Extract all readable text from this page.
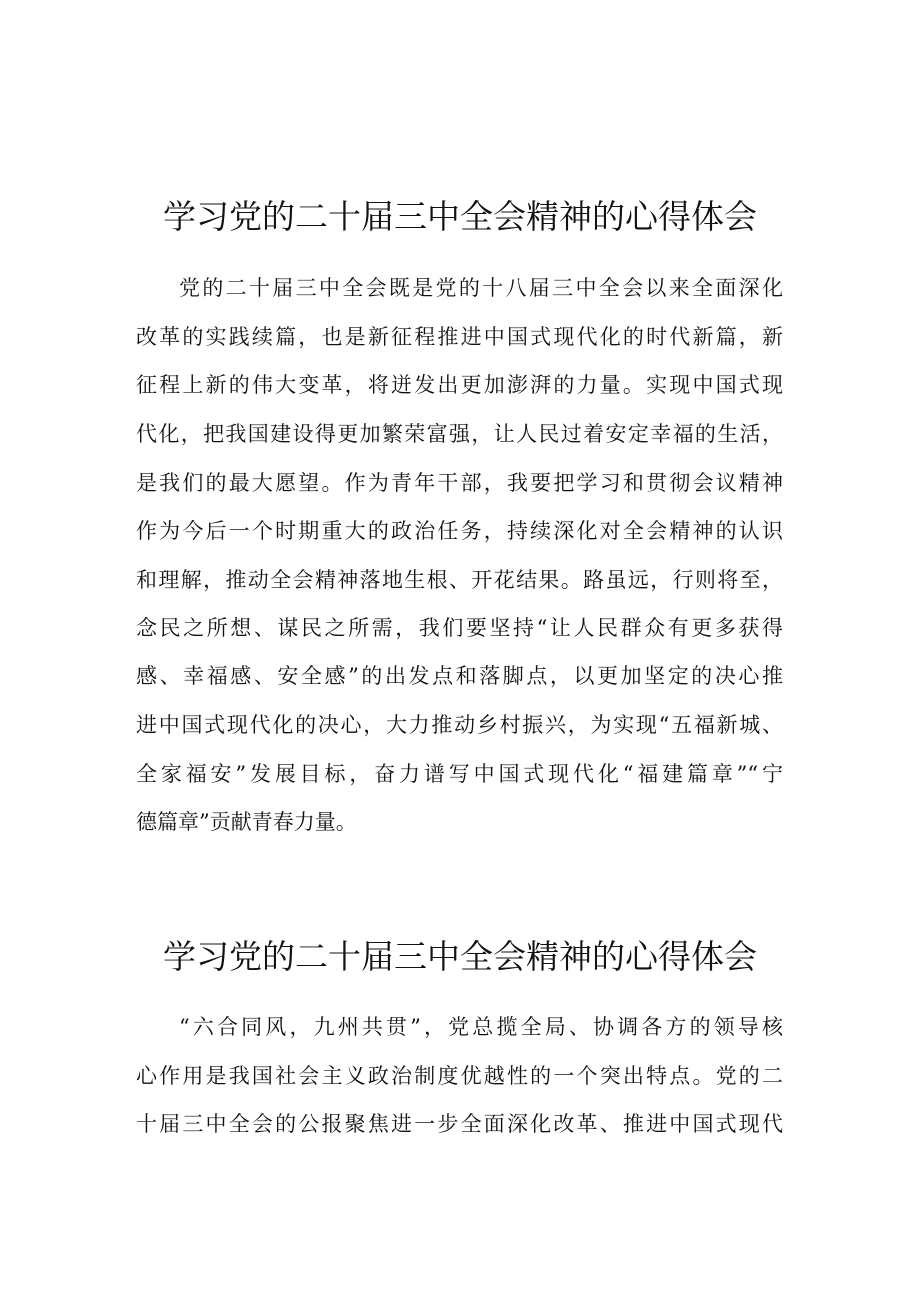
学习党的二十届三中全会精神的心得体会
党的二十届三中全会既是党的十八届三中全会以来全面深化
改革的实践续篇，也是新征程推进中国式现代化的时代新篇，新
征程上新的伟大变革，将迸发出更加澎湃的力量。实现中国式现
代化，把我国建设得更加繁荣富强，让人民过着安定幸福的生活，
是我们的最大愿望。作为青年干部，我要把学习和贯彻会议精神
作为今后一个时期重大的政治任务，持续深化对全会精神的认识
和理解，推动全会精神落地生根、开花结果。路虽远，行则将至，
念民之所想、谋民之所需，我们要坚持“让人民群众有更多获得
感、幸福感、安全感”的出发点和落脚点，以更加坚定的决心推
进中国式现代化的决心，大力推动乡村振兴，为实现“五福新城、
全家福安”发展目标，奋力谱写中国式现代化“福建篇章”“宁
德篇章”贡献青春力量。
学习党的二十届三中全会精神的心得体会
“六合同风，九州共贯”，党总揽全局、协调各方的领导核
心作用是我国社会主义政治制度优越性的一个突出特点。党的二
十届三中全会的公报聚焦进一步全面深化改革、推进中国式现代
